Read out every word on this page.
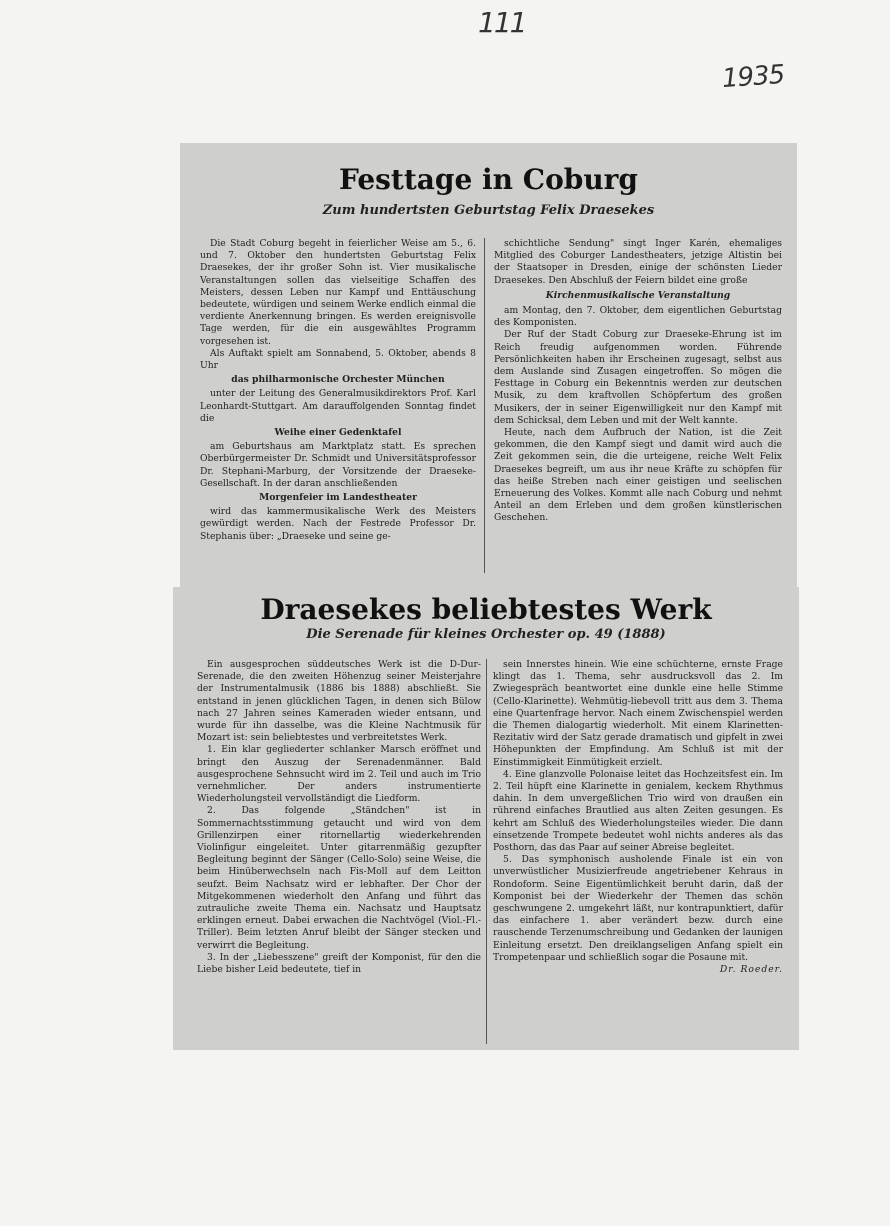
111
1935
Festtage in Coburg
Zum hundertsten Geburtstag Felix Draesekes

Die Stadt Coburg begeht in feierlicher Weise am 5., 6. und 7. Oktober den hundertsten Geburtstag Felix Draesekes, der ihr großer Sohn ist. Vier musikalische Veranstaltungen sollen das vielseitige Schaffen des Meisters, dessen Leben nur Kampf und Enttäuschung bedeutete, würdigen und seinem Werke endlich einmal die verdiente Anerkennung bringen. Es werden ereignisvolle Tage werden, für die ein ausgewähltes Programm vorgesehen ist.

Als Auftakt spielt am Sonnabend, 5. Oktober, abends 8 Uhr

das philharmonische Orchester München

unter der Leitung des Generalmusikdirektors Prof. Karl Leonhardt-Stuttgart. Am darauffolgenden Sonntag findet die

Weihe einer Gedenktafel

am Geburtshaus am Marktplatz statt. Es sprechen Oberbürgermeister Dr. Schmidt und Universitätsprofessor Dr. Stephani-Marburg, der Vorsitzende der Draeseke-Gesellschaft. In der daran anschließenden

Morgenfeier im Landestheater

wird das kammermusikalische Werk des Meisters gewürdigt werden. Nach der Festrede Professor Dr. Stephanis über: „Draeseke und seine ge-

schichtliche Sendung" singt Inger Karén, ehemaliges Mitglied des Coburger Landestheaters, jetzige Altistin bei der Staatsoper in Dresden, einige der schönsten Lieder Draesekes. Den Abschluß der Feiern bildet eine große

Kirchenmusikalische Veranstaltung

am Montag, den 7. Oktober, dem eigentlichen Geburtstag des Komponisten.

Der Ruf der Stadt Coburg zur Draeseke-Ehrung ist im Reich freudig aufgenommen worden. Führende Persönlichkeiten haben ihr Erscheinen zugesagt, selbst aus dem Auslande sind Zusagen eingetroffen. So mögen die Festtage in Coburg ein Bekenntnis werden zur deutschen Musik, zu dem kraftvollen Schöpfertum des großen Musikers, der in seiner Eigenwilligkeit nur den Kampf mit dem Schicksal, dem Leben und mit der Welt kannte.

Heute, nach dem Aufbruch der Nation, ist die Zeit gekommen, die den Kampf siegt und damit wird auch die Zeit gekommen sein, die die urteigene, reiche Welt Felix Draesekes begreift, um aus ihr neue Kräfte zu schöpfen für das heiße Streben nach einer geistigen und seelischen Erneuerung des Volkes. Kommt alle nach Coburg und nehmt Anteil an dem Erleben und dem großen künstlerischen Geschehen.

Draesekes beliebtestes Werk
Die Serenade für kleines Orchester op. 49 (1888)

Ein ausgesprochen süddeutsches Werk ist die D-Dur-Serenade, die den zweiten Höhenzug seiner Meisterjahre der Instrumentalmusik (1886 bis 1888) abschließt. Sie entstand in jenen glücklichen Tagen, in denen sich Bülow nach 27 Jahren seines Kameraden wieder entsann, und wurde für ihn dasselbe, was die Kleine Nachtmusik für Mozart ist: sein beliebtestes und verbreitetstes Werk.

1. Ein klar gegliederter schlanker Marsch eröffnet und bringt den Auszug der Serenadenmänner. Bald ausgesprochene Sehnsucht wird im 2. Teil und auch im Trio vernehmlicher. Der anders instrumentierte Wiederholungsteil vervollständigt die Liedform.

2. Das folgende „Ständchen" ist in Sommernachtsstimmung getaucht und wird von dem Grillenzirpen einer ritornellartig wiederkehrenden Violinfigur eingeleitet. Unter gitarrenmäßig gezupfter Begleitung beginnt der Sänger (Cello-Solo) seine Weise, die beim Hinüberwechseln nach Fis-Moll auf dem Leitton seufzt. Beim Nachsatz wird er lebhafter. Der Chor der Mitgekommenen wiederholt den Anfang und führt das zutrauliche zweite Thema ein. Nachsatz und Hauptsatz erklingen erneut. Dabei erwachen die Nachtvögel (Viol.-Fl.-Triller). Beim letzten Anruf bleibt der Sänger stecken und verwirrt die Begleitung.

3. In der „Liebesszene" greift der Komponist, für den die Liebe bisher Leid bedeutete, tief in

sein Innerstes hinein. Wie eine schüchterne, ernste Frage klingt das 1. Thema, sehr ausdrucksvoll das 2. Im Zwiegespräch beantwortet eine dunkle eine helle Stimme (Cello-Klarinette). Wehmütig-liebevoll tritt aus dem 3. Thema eine Quartenfrage hervor. Nach einem Zwischenspiel werden die Themen dialogartig wiederholt. Mit einem Klarinetten-Rezitativ wird der Satz gerade dramatisch und gipfelt in zwei Höhepunkten der Empfindung. Am Schluß ist mit der Einstimmigkeit Einmütigkeit erzielt.

4. Eine glanzvolle Polonaise leitet das Hochzeitsfest ein. Im 2. Teil hüpft eine Klarinette in genialem, keckem Rhythmus dahin. In dem unvergeßlichen Trio wird von draußen ein rührend einfaches Brautlied aus alten Zeiten gesungen. Es kehrt am Schluß des Wiederholungsteiles wieder. Die dann einsetzende Trompete bedeutet wohl nichts anderes als das Posthorn, das das Paar auf seiner Abreise begleitet.

5. Das symphonisch ausholende Finale ist ein von unverwüstlicher Musizierfreude angetriebener Kehraus in Rondoform. Seine Eigentümlichkeit beruht darin, daß der Komponist bei der Wiederkehr der Themen das schön geschwungene 2. umgekehrt läßt, nur kontrapunktiert, dafür das einfachere 1. aber verändert bezw. durch eine rauschende Terzenumschreibung und Gedanken der launigen Einleitung ersetzt. Den dreiklangseligen Anfang spielt ein Trompetenpaar und schließlich sogar die Posaune mit.

Dr. Roeder.
